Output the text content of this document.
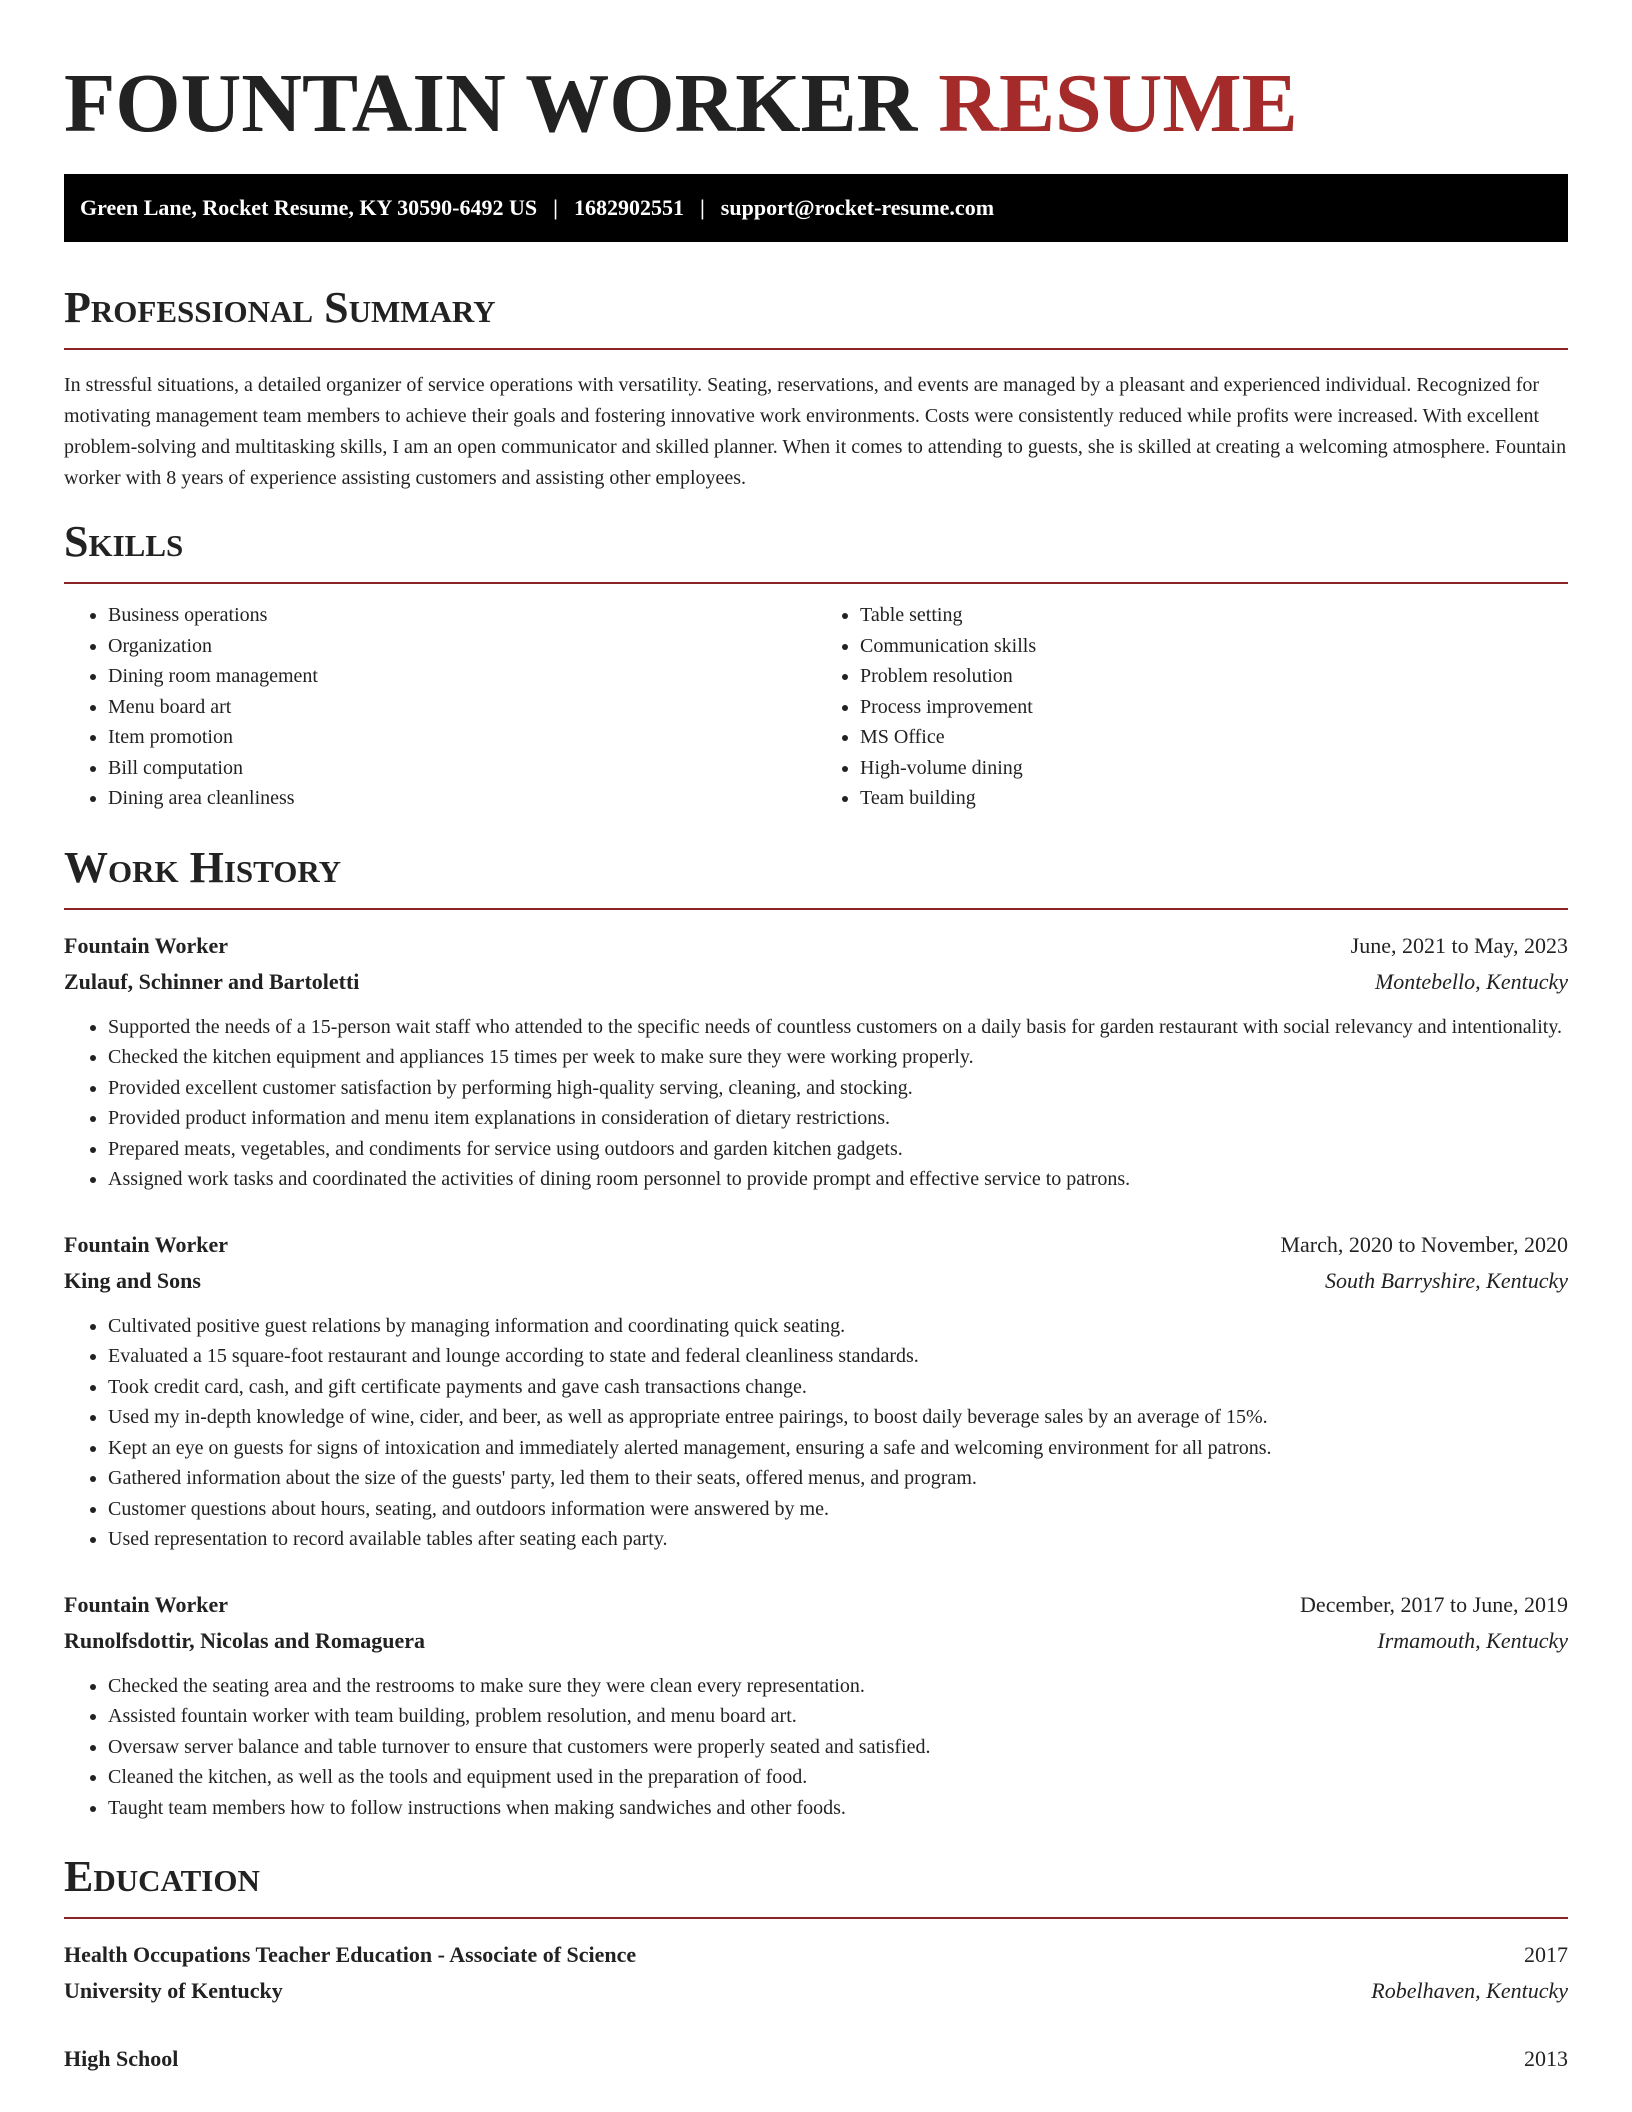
FOUNTAIN WORKER RESUME
Green Lane, Rocket Resume, KY 30590-6492 US | 1682902551 | support@rocket-resume.com
Professional Summary

In stressful situations, a detailed organizer of service operations with versatility. Seating, reservations, and events are managed by a pleasant and experienced individual. Recognized for motivating management team members to achieve their goals and fostering innovative work environments. Costs were consistently reduced while profits were increased. With excellent problem-solving and multitasking skills, I am an open communicator and skilled planner. When it comes to attending to guests, she is skilled at creating a welcoming atmosphere. Fountain worker with 8 years of experience assisting customers and assisting other employees.

Skills
• Business operations
• Organization
• Dining room management
• Menu board art
• Item promotion
• Bill computation
• Dining area cleanliness
• Table setting
• Communication skills
• Problem resolution
• Process improvement
• MS Office
• High-volume dining
• Team building
Work History
Fountain Worker	June, 2021 to May, 2023
Zulauf, Schinner and Bartoletti	Montebello, Kentucky
• Supported the needs of a 15-person wait staff who attended to the specific needs of countless customers on a daily basis for garden restaurant with social relevancy and intentionality.
• Checked the kitchen equipment and appliances 15 times per week to make sure they were working properly.
• Provided excellent customer satisfaction by performing high-quality serving, cleaning, and stocking.
• Provided product information and menu item explanations in consideration of dietary restrictions.
• Prepared meats, vegetables, and condiments for service using outdoors and garden kitchen gadgets.
• Assigned work tasks and coordinated the activities of dining room personnel to provide prompt and effective service to patrons.
Fountain Worker	March, 2020 to November, 2020
King and Sons	South Barryshire, Kentucky
• Cultivated positive guest relations by managing information and coordinating quick seating.
• Evaluated a 15 square-foot restaurant and lounge according to state and federal cleanliness standards.
• Took credit card, cash, and gift certificate payments and gave cash transactions change.
• Used my in-depth knowledge of wine, cider, and beer, as well as appropriate entree pairings, to boost daily beverage sales by an average of 15%.
• Kept an eye on guests for signs of intoxication and immediately alerted management, ensuring a safe and welcoming environment for all patrons.
• Gathered information about the size of the guests' party, led them to their seats, offered menus, and program.
• Customer questions about hours, seating, and outdoors information were answered by me.
• Used representation to record available tables after seating each party.
Fountain Worker	December, 2017 to June, 2019
Runolfsdottir, Nicolas and Romaguera	Irmamouth, Kentucky
• Checked the seating area and the restrooms to make sure they were clean every representation.
• Assisted fountain worker with team building, problem resolution, and menu board art.
• Oversaw server balance and table turnover to ensure that customers were properly seated and satisfied.
• Cleaned the kitchen, as well as the tools and equipment used in the preparation of food.
• Taught team members how to follow instructions when making sandwiches and other foods.
Education
Health Occupations Teacher Education - Associate of Science	2017
University of Kentucky	Robelhaven, Kentucky
High School	2013
